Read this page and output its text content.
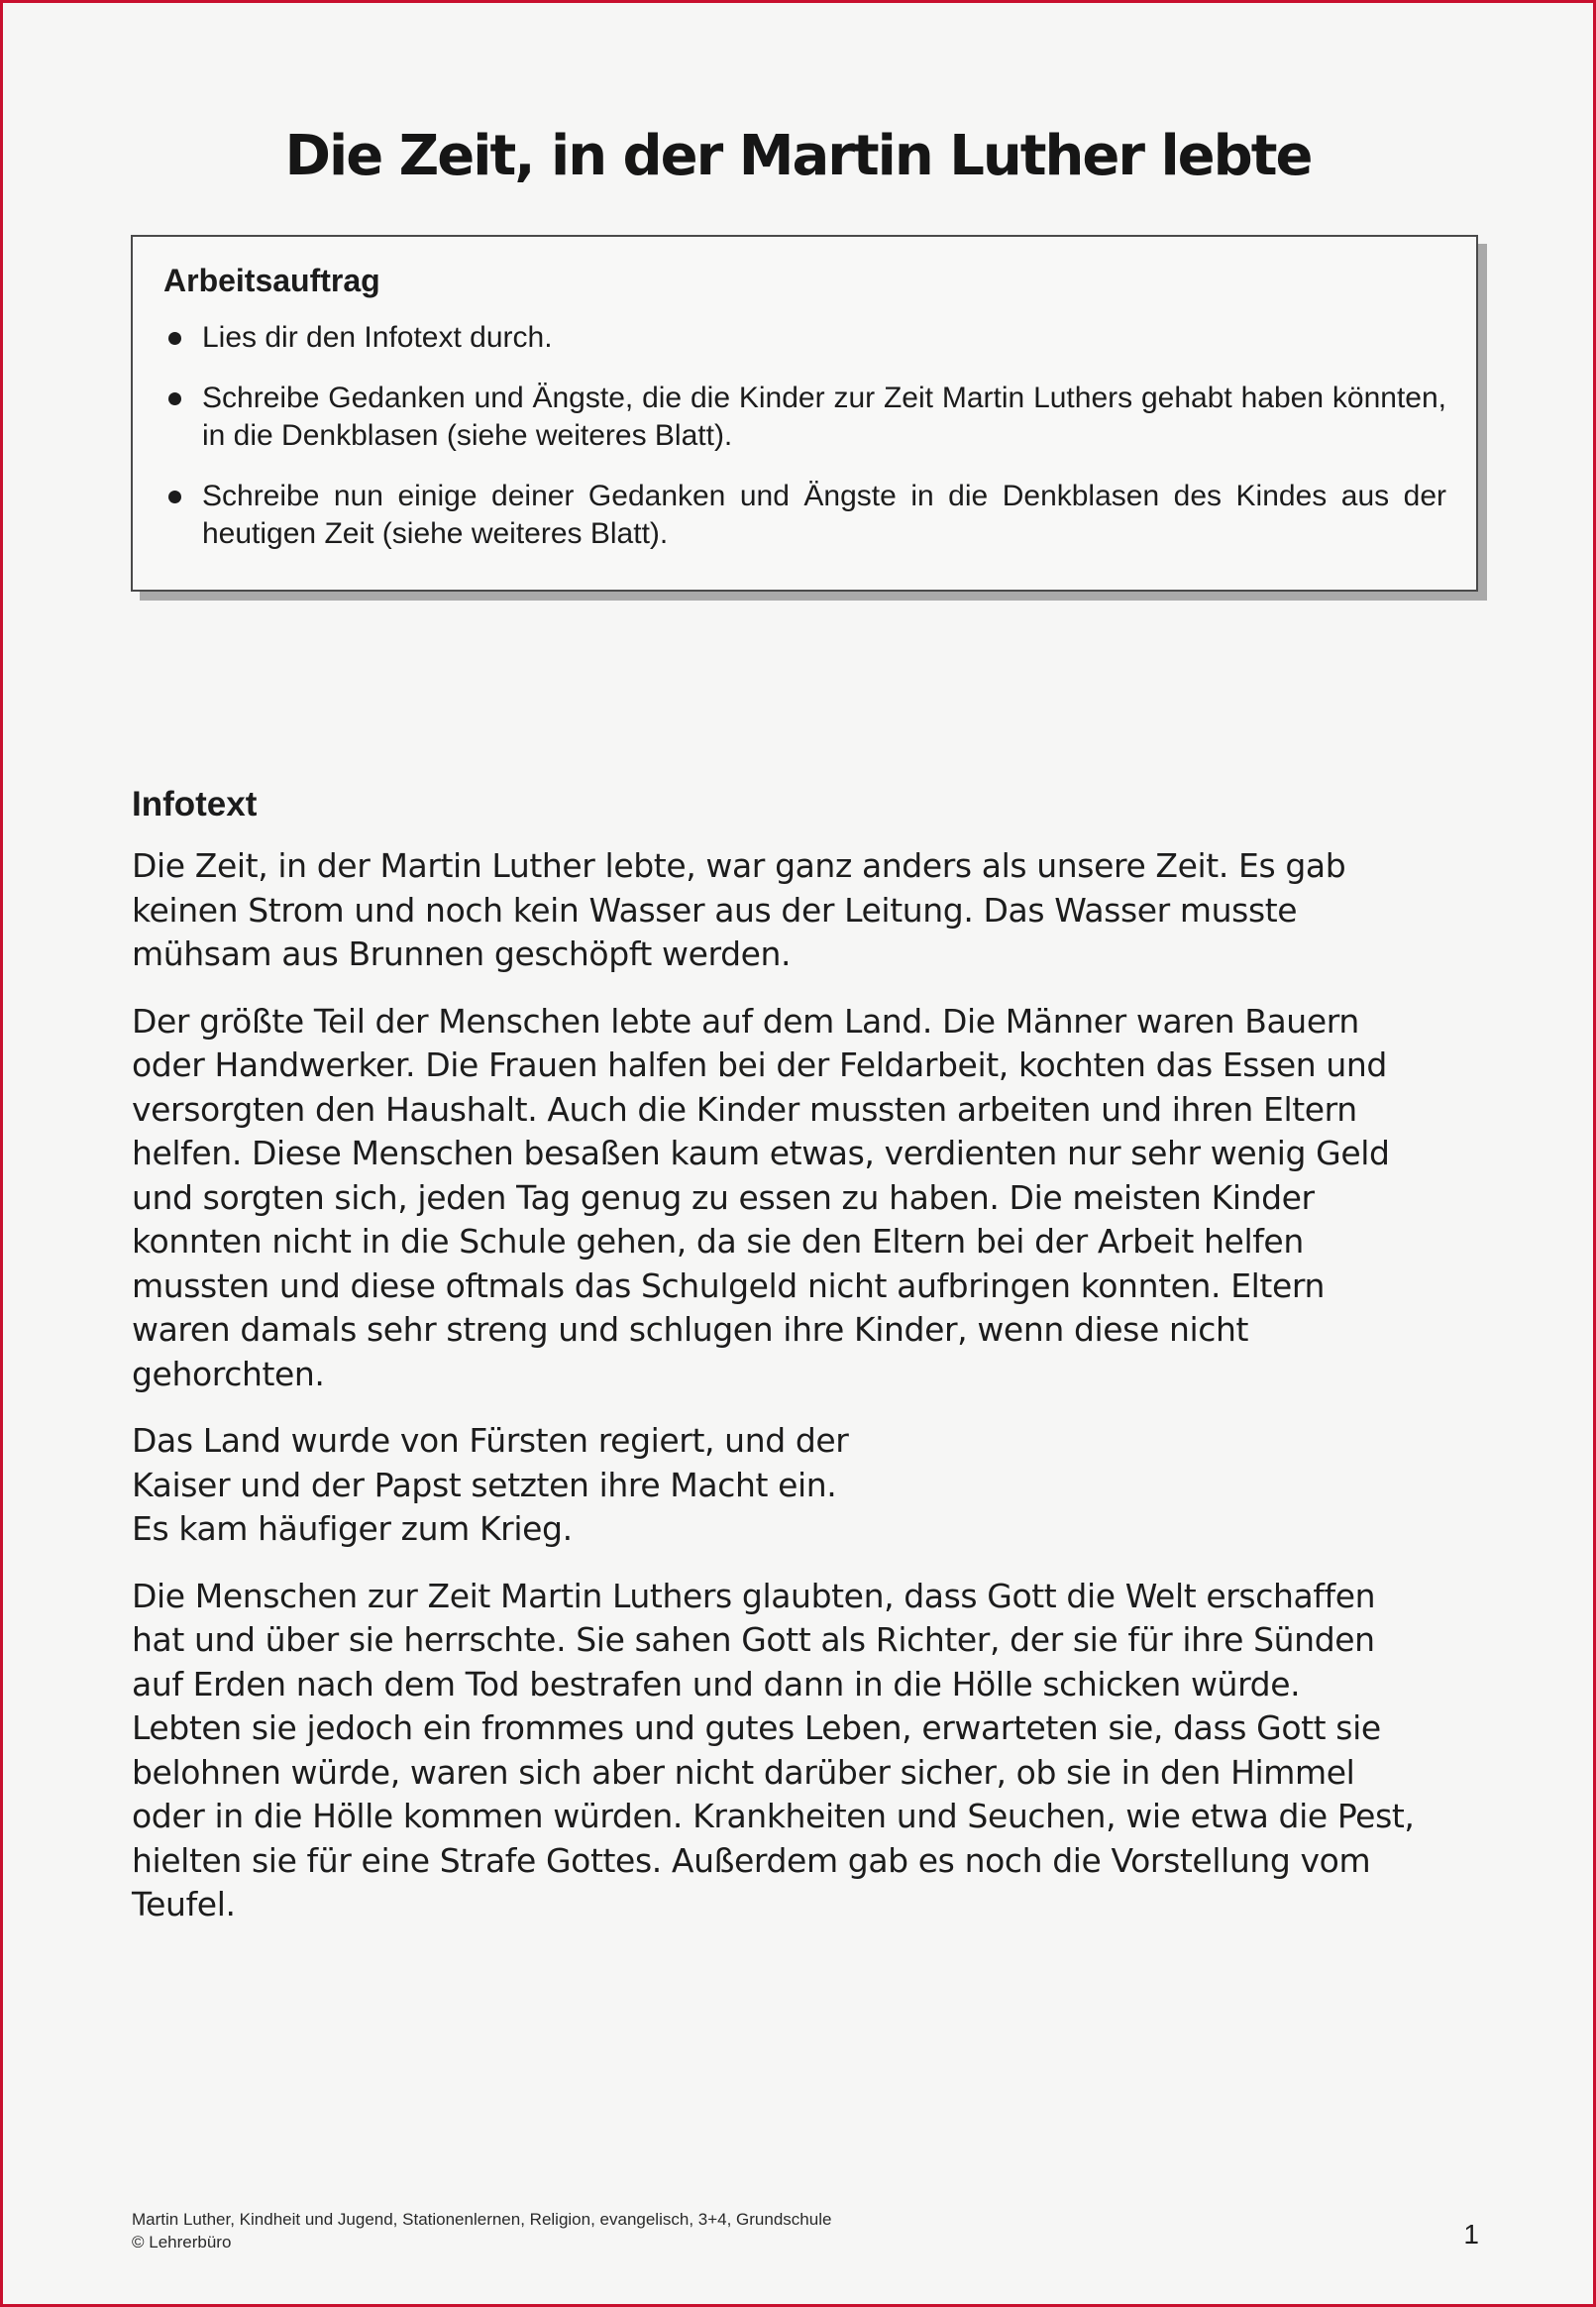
Die Zeit, in der Martin Luther lebte
Arbeitsauftrag
Lies dir den Infotext durch.
Schreibe Gedanken und Ängste, die die Kinder zur Zeit Martin Luthers gehabt haben könnten, in die Denkblasen (siehe weiteres Blatt).
Schreibe nun einige deiner Gedanken und Ängste in die Denkblasen des Kindes aus der heutigen Zeit (siehe weiteres Blatt).
Infotext

Die Zeit, in der Martin Luther lebte, war ganz anders als unsere Zeit. Es gab
keinen Strom und noch kein Wasser aus der Leitung. Das Wasser musste
mühsam aus Brunnen geschöpft werden.

Der größte Teil der Menschen lebte auf dem Land. Die Männer waren Bauern
oder Handwerker. Die Frauen halfen bei der Feldarbeit, kochten das Essen und
versorgten den Haushalt. Auch die Kinder mussten arbeiten und ihren Eltern
helfen. Diese Menschen besaßen kaum etwas, verdienten nur sehr wenig Geld
und sorgten sich, jeden Tag genug zu essen zu haben. Die meisten Kinder
konnten nicht in die Schule gehen, da sie den Eltern bei der Arbeit helfen
mussten und diese oftmals das Schulgeld nicht aufbringen konnten. Eltern
waren damals sehr streng und schlugen ihre Kinder, wenn diese nicht
gehorchten.

Das Land wurde von Fürsten regiert, und der
Kaiser und der Papst setzten ihre Macht ein.
Es kam häufiger zum Krieg.

Die Menschen zur Zeit Martin Luthers glaubten, dass Gott die Welt erschaffen
hat und über sie herrschte. Sie sahen Gott als Richter, der sie für ihre Sünden
auf Erden nach dem Tod bestrafen und dann in die Hölle schicken würde.
Lebten sie jedoch ein frommes und gutes Leben, erwarteten sie, dass Gott sie
belohnen würde, waren sich aber nicht darüber sicher, ob sie in den Himmel
oder in die Hölle kommen würden. Krankheiten und Seuchen, wie etwa die Pest,
hielten sie für eine Strafe Gottes. Außerdem gab es noch die Vorstellung vom
Teufel.

Martin Luther, Kindheit und Jugend, Stationenlernen, Religion, evangelisch, 3+4, Grundschule
© Lehrerbüro	1
